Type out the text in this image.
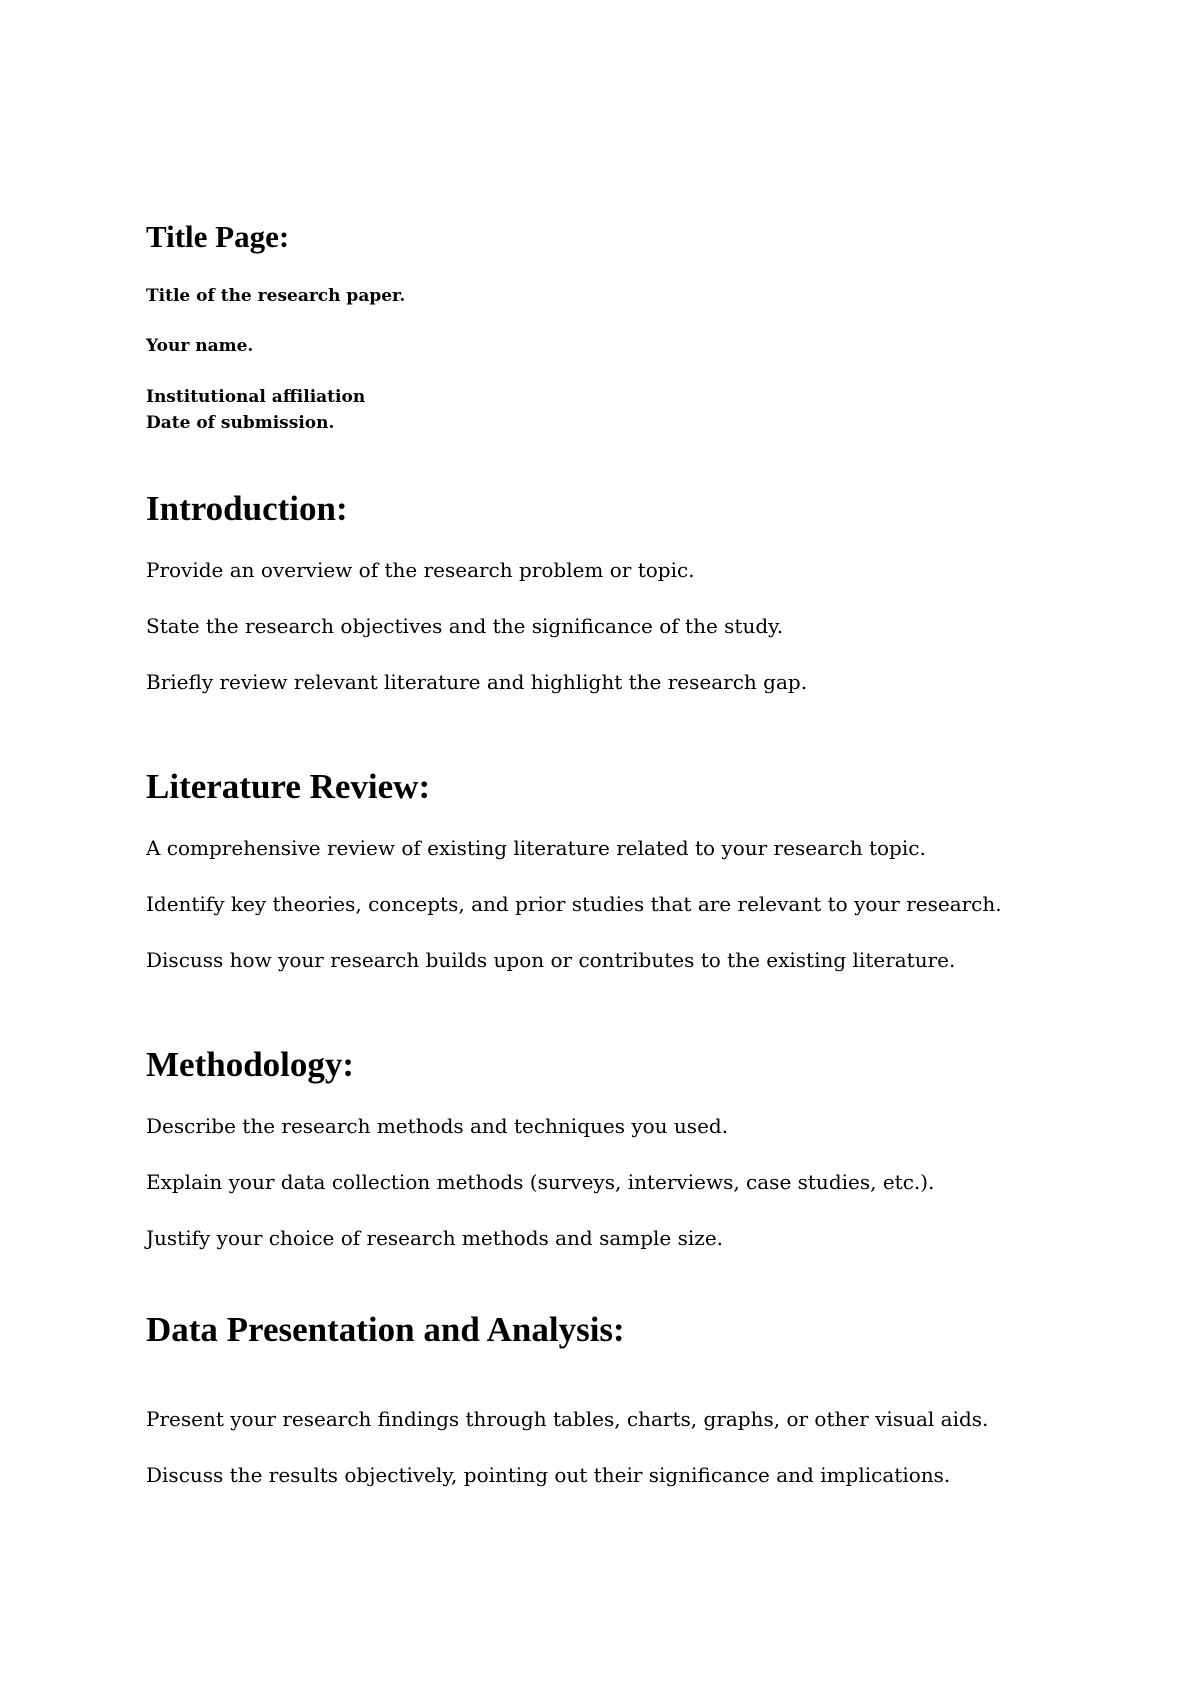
Title Page:

Title of the research paper.

Your name.

Institutional affiliation

Date of submission.

Introduction:

Provide an overview of the research problem or topic.

State the research objectives and the significance of the study.

Briefly review relevant literature and highlight the research gap.

Literature Review:

A comprehensive review of existing literature related to your research topic.

Identify key theories, concepts, and prior studies that are relevant to your research.

Discuss how your research builds upon or contributes to the existing literature.

Methodology:

Describe the research methods and techniques you used.

Explain your data collection methods (surveys, interviews, case studies, etc.).

Justify your choice of research methods and sample size.

Data Presentation and Analysis:

Present your research findings through tables, charts, graphs, or other visual aids.

Discuss the results objectively, pointing out their significance and implications.
